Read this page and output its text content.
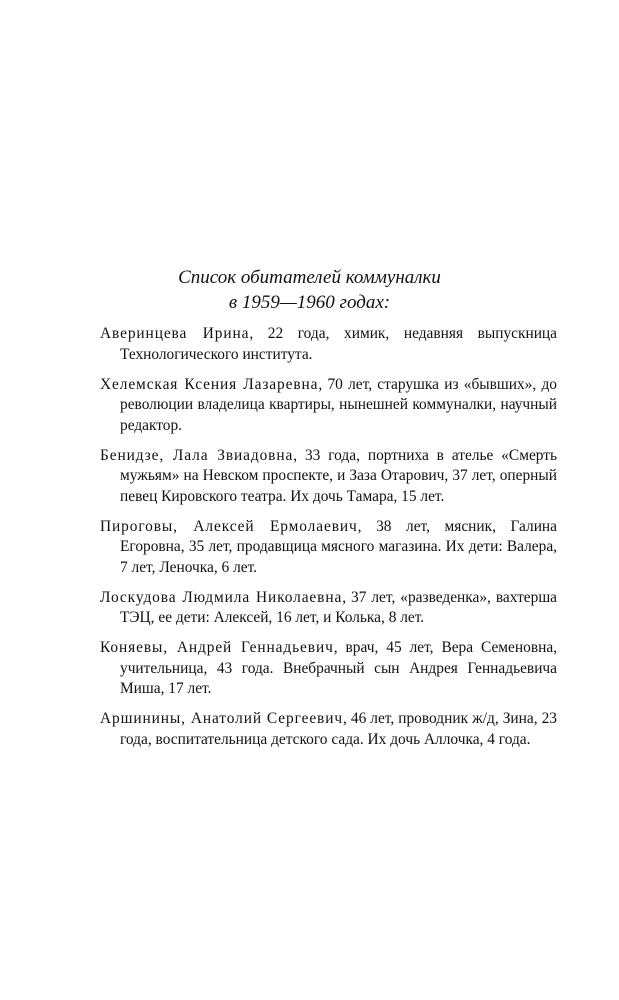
Список обитателей коммуналки
в 1959—1960 годах:

Аверинцева Ирина, 22 года, химик, недавняя выпускница Технологического института.

Хелемская Ксения Лазаревна, 70 лет, старушка из «бывших», до революции владелица квартиры, нынешней коммуналки, научный редактор.

Бенидзе, Лала Звиадовна, 33 года, портниха в ателье «Смерть мужьям» на Невском проспекте, и Заза Отарович, 37 лет, оперный певец Кировского театра. Их дочь Тамара, 15 лет.

Пироговы, Алексей Ермолаевич, 38 лет, мясник, Галина Егоровна, 35 лет, продавщица мясного магазина. Их дети: Валера, 7 лет, Леночка, 6 лет.

Лоскудова Людмила Николаевна, 37 лет, «разведенка», вахтерша ТЭЦ, ее дети: Алексей, 16 лет, и Колька, 8 лет.

Коняевы, Андрей Геннадьевич, врач, 45 лет, Вера Семеновна, учительница, 43 года. Внебрачный сын Андрея Геннадьевича Миша, 17 лет.

Аршинины, Анатолий Сергеевич, 46 лет, проводник ж/д, Зина, 23 года, воспитательница детского сада. Их дочь Аллочка, 4 года.
